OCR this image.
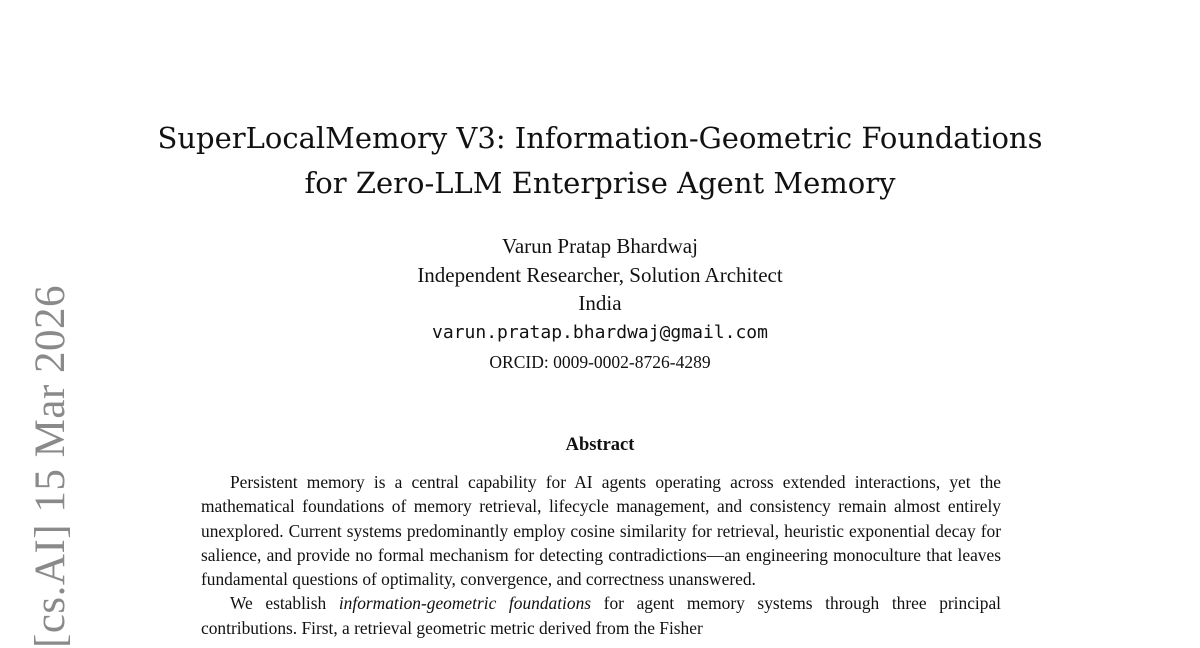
[cs.AI] 15 Mar 2026
SuperLocalMemory V3: Information-Geometric Foundations
for Zero-LLM Enterprise Agent Memory
Varun Pratap Bhardwaj
Independent Researcher, Solution Architect
India
varun.pratap.bhardwaj@gmail.com
ORCID: 0009-0002-8726-4289
Abstract

Persistent memory is a central capability for AI agents operating across extended interactions, yet the mathematical foundations of memory retrieval, lifecycle management, and consistency remain almost entirely unexplored. Current systems predominantly employ cosine similarity for retrieval, heuristic exponential decay for salience, and provide no formal mechanism for detecting contradictions—an engineering monoculture that leaves fundamental questions of optimality, convergence, and correctness unanswered.

We establish information-geometric foundations for agent memory systems through three principal contributions. First, a retrieval geometric metric derived from the Fisher
